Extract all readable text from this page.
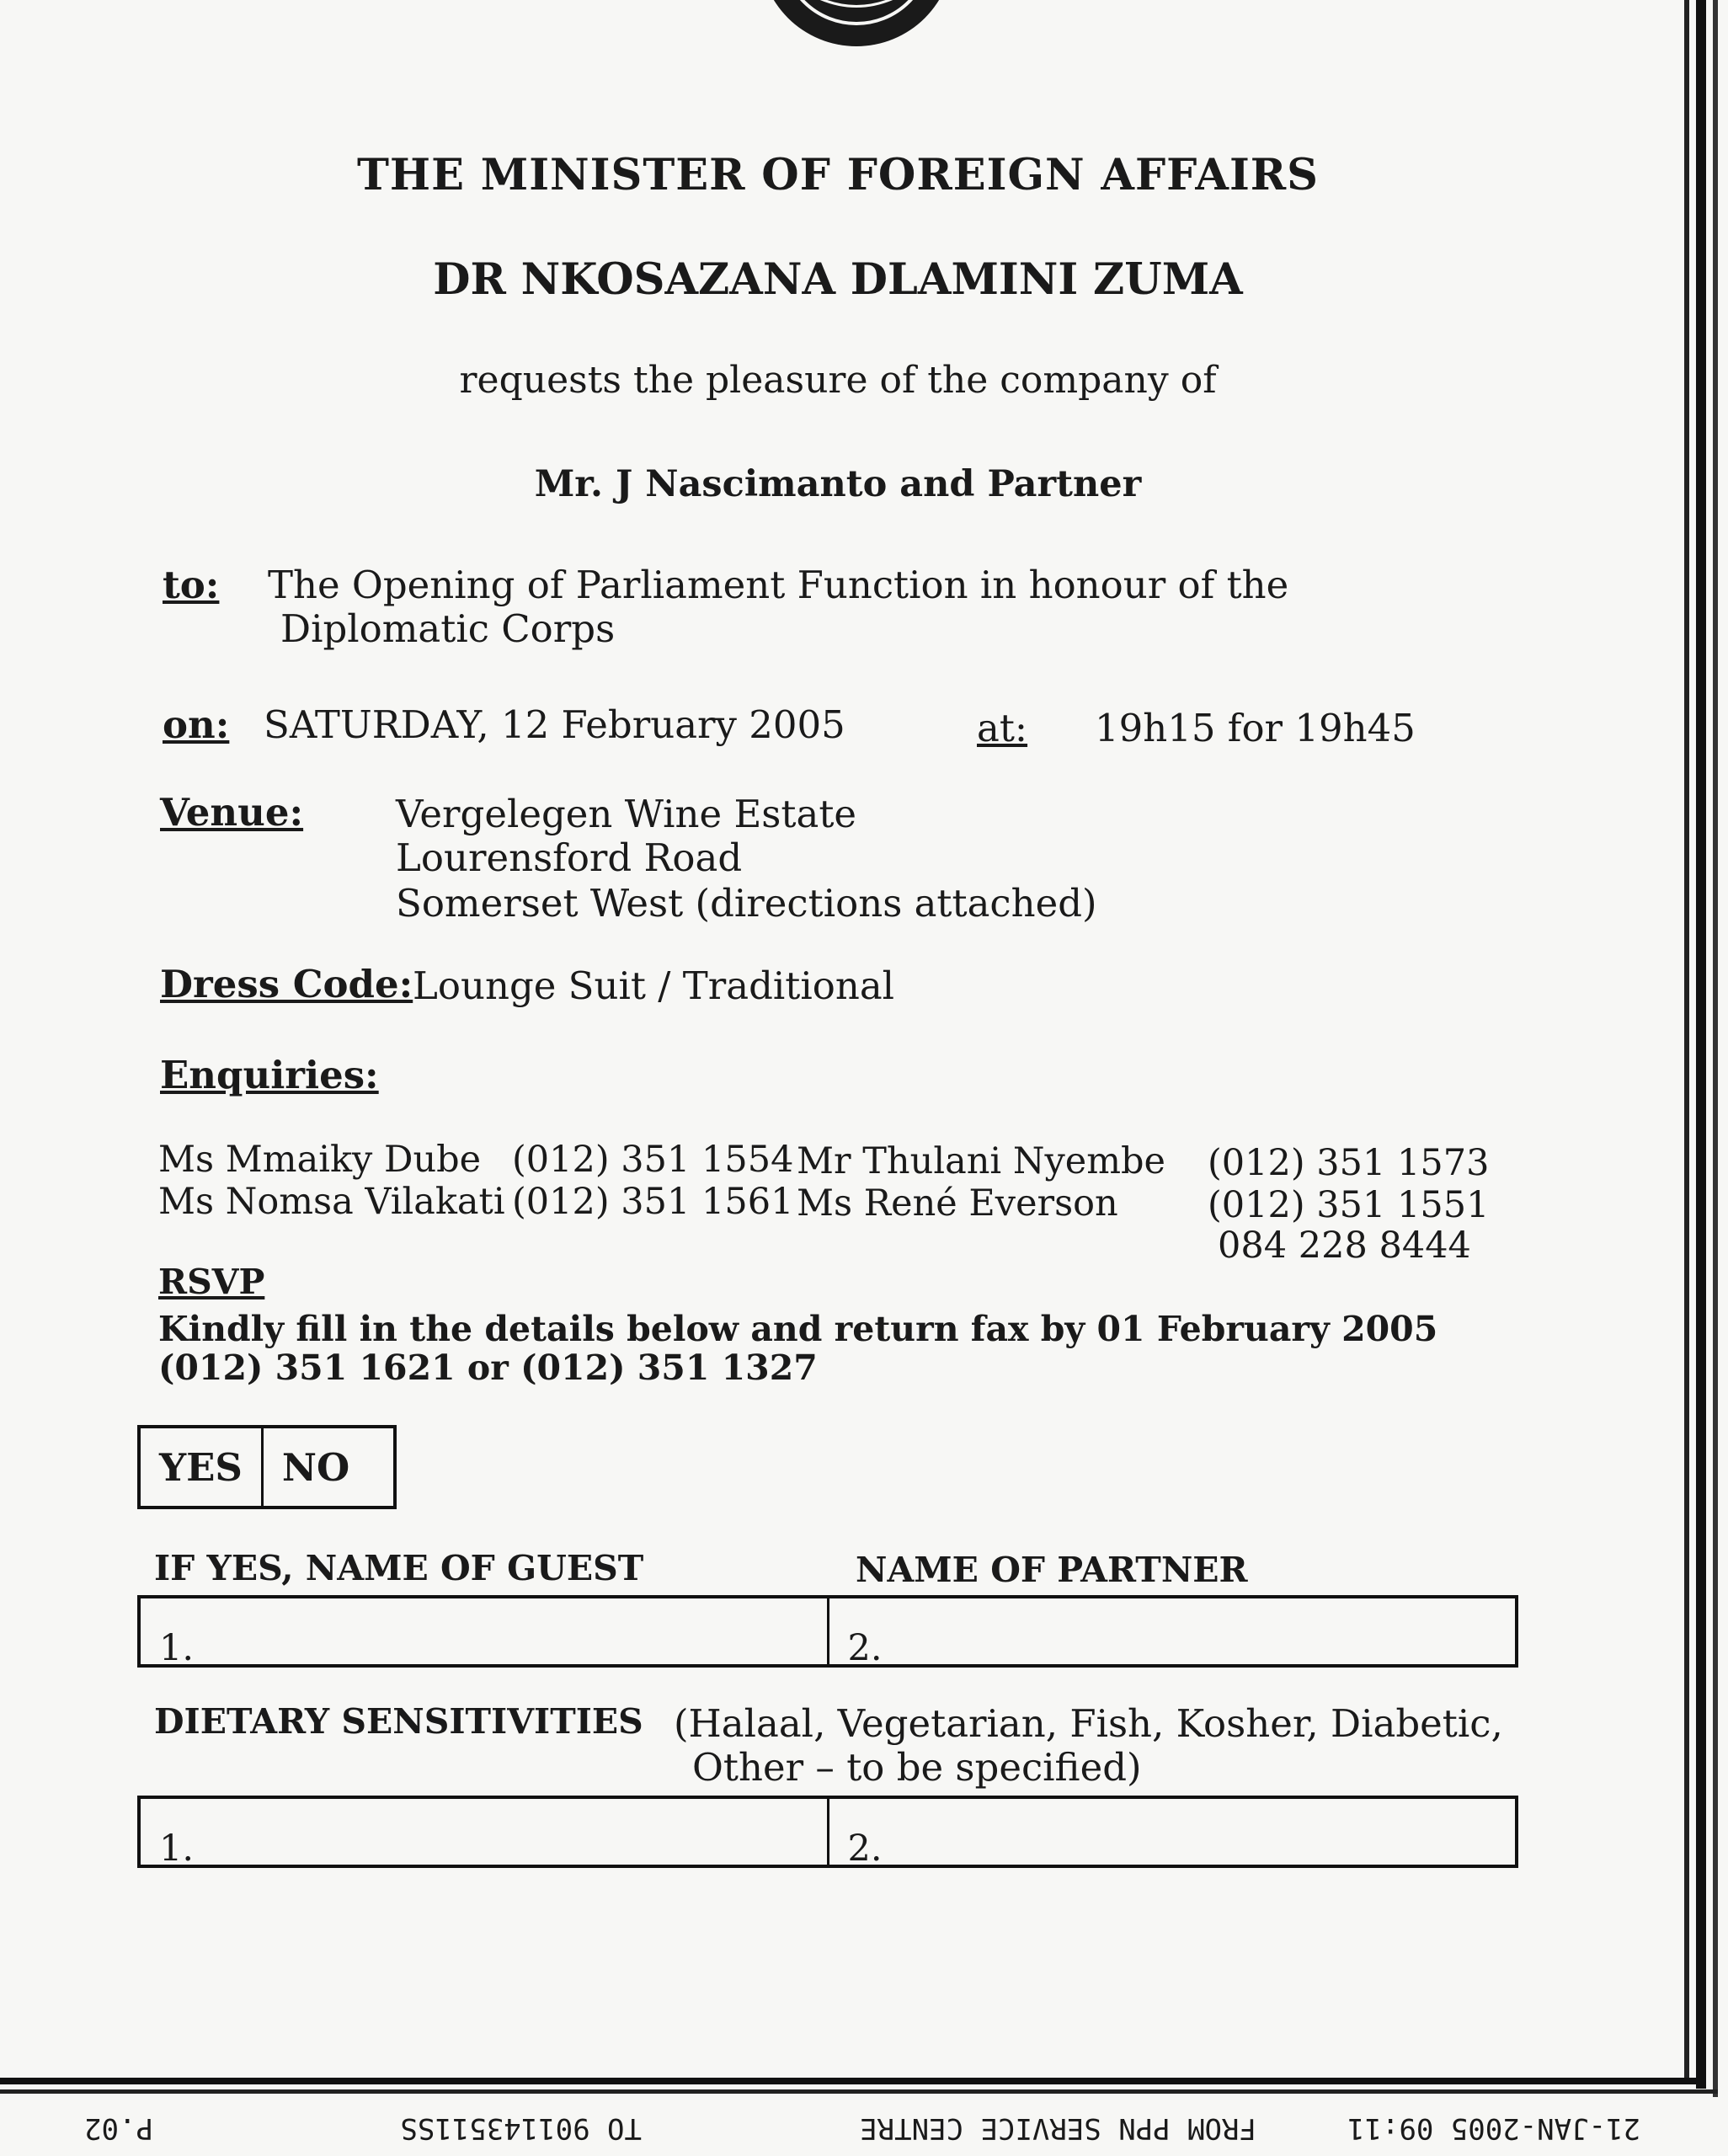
THE MINISTER OF FOREIGN AFFAIRS
DR NKOSAZANA DLAMINI ZUMA
requests the pleasure of the company of
Mr. J Nascimanto and Partner
to: The Opening of Parliament Function in honour of the
Diplomatic Corps
on: SATURDAY, 12 February 2005	at: 19h15 for 19h45
Venue: Vergelegen Wine Estate
Lourensford Road
Somerset West (directions attached)
Dress Code: Lounge Suit / Traditional
Enquiries:
Ms Mmaiky Dube (012) 351 1554
Ms Nomsa Vilakati (012) 351 1561
Mr Thulani Nyembe (012) 351 1573
Ms René Everson (012) 351 1551
084 228 8444
RSVP
Kindly fill in the details below and return fax by 01 February 2005
(012) 351 1621 or (012) 351 1327
YES	NO
IF YES, NAME OF GUEST	NAME OF PARTNER
1.	2.
DIETARY SENSITIVITIES (Halaal, Vegetarian, Fish, Kosher, Diabetic,
Other – to be specified)
1.	2.
21-JAN-2005 09:11
FROM PPN SERVICE CENTRE
TO 901143511SS
P.02
